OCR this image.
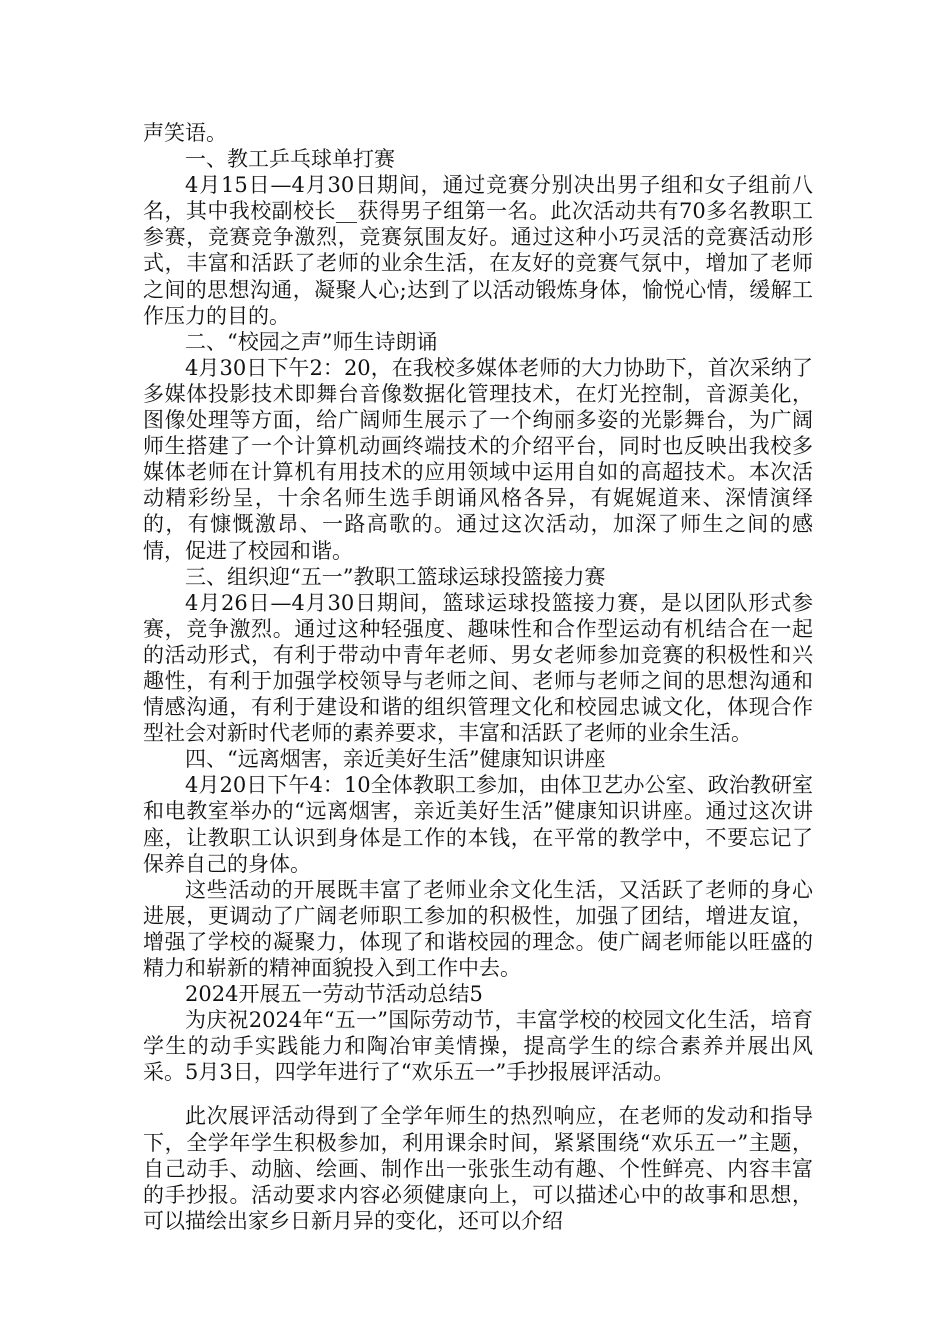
声笑语。

一、教工乒乓球单打赛

4月15日—4月30日期间，通过竞赛分别决出男子组和女子组前八名，其中我校副校长__获得男子组第一名。此次活动共有70多名教职工参赛，竞赛竞争激烈，竞赛氛围友好。通过这种小巧灵活的竞赛活动形式，丰富和活跃了老师的业余生活，在友好的竞赛气氛中，增加了老师之间的思想沟通，凝聚人心;达到了以活动锻炼身体，愉悦心情，缓解工作压力的目的。

二、“校园之声”师生诗朗诵

4月30日下午2：20，在我校多媒体老师的大力协助下，首次采纳了多媒体投影技术即舞台音像数据化管理技术，在灯光控制，音源美化，图像处理等方面，给广阔师生展示了一个绚丽多姿的光影舞台，为广阔师生搭建了一个计算机动画终端技术的介绍平台，同时也反映出我校多媒体老师在计算机有用技术的应用领域中运用自如的高超技术。本次活动精彩纷呈，十余名师生选手朗诵风格各异，有娓娓道来、深情演绎的，有慷慨激昂、一路高歌的。通过这次活动，加深了师生之间的感情，促进了校园和谐。

三、组织迎“五一”教职工篮球运球投篮接力赛

4月26日—4月30日期间，篮球运球投篮接力赛，是以团队形式参赛，竞争激烈。通过这种轻强度、趣味性和合作型运动有机结合在一起的活动形式，有利于带动中青年老师、男女老师参加竞赛的积极性和兴趣性，有利于加强学校领导与老师之间、老师与老师之间的思想沟通和情感沟通，有利于建设和谐的组织管理文化和校园忠诚文化，体现合作型社会对新时代老师的素养要求，丰富和活跃了老师的业余生活。

四、“远离烟害，亲近美好生活”健康知识讲座

4月20日下午4：10全体教职工参加，由体卫艺办公室、政治教研室和电教室举办的“远离烟害，亲近美好生活”健康知识讲座。通过这次讲座，让教职工认识到身体是工作的本钱，在平常的教学中，不要忘记了保养自己的身体。

这些活动的开展既丰富了老师业余文化生活，又活跃了老师的身心进展，更调动了广阔老师职工参加的积极性，加强了团结，增进友谊，增强了学校的凝聚力，体现了和谐校园的理念。使广阔老师能以旺盛的精力和崭新的精神面貌投入到工作中去。

2024开展五一劳动节活动总结5

为庆祝2024年“五一”国际劳动节，丰富学校的校园文化生活，培育学生的动手实践能力和陶冶审美情操，提高学生的综合素养并展出风采。5月3日，四学年进行了“欢乐五一”手抄报展评活动。

此次展评活动得到了全学年师生的热烈响应，在老师的发动和指导下，全学年学生积极参加，利用课余时间，紧紧围绕“欢乐五一”主题，自己动手、动脑、绘画、制作出一张张生动有趣、个性鲜亮、内容丰富的手抄报。活动要求内容必须健康向上，可以描述心中的故事和思想，可以描绘出家乡日新月异的变化，还可以介绍
